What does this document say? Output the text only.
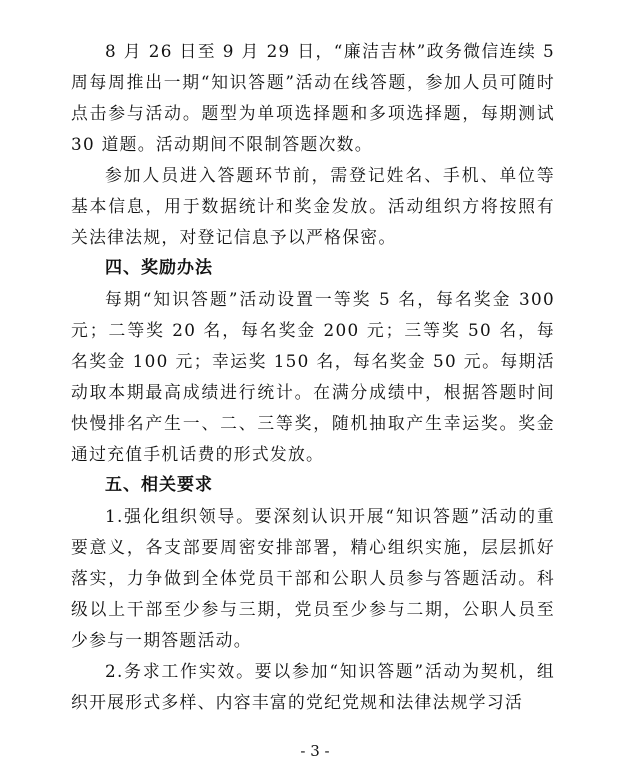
8 月 26 日至 9 月 29 日，“廉洁吉林”政务微信连续 5 周每周推出一期“知识答题”活动在线答题，参加人员可随时点击参与活动。题型为单项选择题和多项选择题，每期测试 30 道题。活动期间不限制答题次数。

参加人员进入答题环节前，需登记姓名、手机、单位等基本信息，用于数据统计和奖金发放。活动组织方将按照有关法律法规，对登记信息予以严格保密。

四、奖励办法

每期“知识答题”活动设置一等奖 5 名，每名奖金 300 元；二等奖 20 名，每名奖金 200 元；三等奖 50 名，每名奖金 100 元；幸运奖 150 名，每名奖金 50 元。每期活动取本期最高成绩进行统计。在满分成绩中，根据答题时间快慢排名产生一、二、三等奖，随机抽取产生幸运奖。奖金通过充值手机话费的形式发放。

五、相关要求

1.强化组织领导。要深刻认识开展“知识答题”活动的重要意义，各支部要周密安排部署，精心组织实施，层层抓好落实，力争做到全体党员干部和公职人员参与答题活动。科级以上干部至少参与三期，党员至少参与二期，公职人员至少参与一期答题活动。

2.务求工作实效。要以参加“知识答题”活动为契机，组织开展形式多样、内容丰富的党纪党规和法律法规学习活

- 3 -
